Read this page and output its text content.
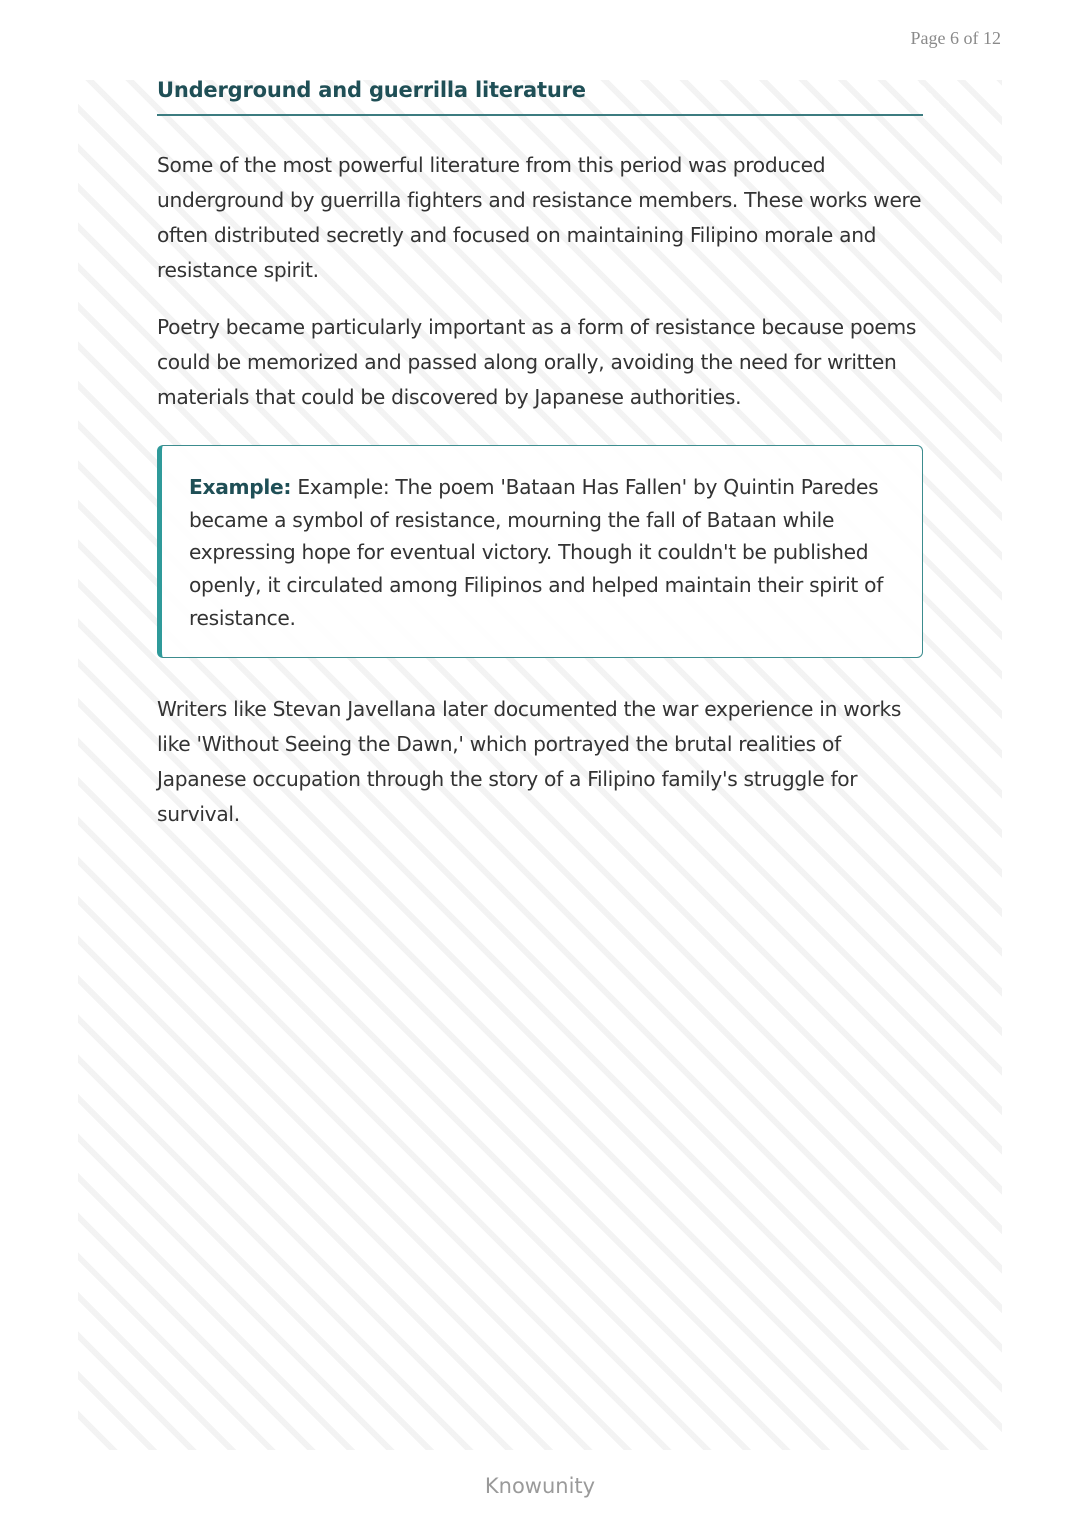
Page 6 of 12
Underground and guerrilla literature

Some of the most powerful literature from this period was produced underground by guerrilla fighters and resistance members. These works were often distributed secretly and focused on maintaining Filipino morale and resistance spirit.

Poetry became particularly important as a form of resistance because poems could be memorized and passed along orally, avoiding the need for written materials that could be discovered by Japanese authorities.

Example: Example: The poem 'Bataan Has Fallen' by Quintin Paredes became a symbol of resistance, mourning the fall of Bataan while expressing hope for eventual victory. Though it couldn't be published openly, it circulated among Filipinos and helped maintain their spirit of resistance.

Writers like Stevan Javellana later documented the war experience in works like 'Without Seeing the Dawn,' which portrayed the brutal realities of Japanese occupation through the story of a Filipino family's struggle for survival.

Knowunity
